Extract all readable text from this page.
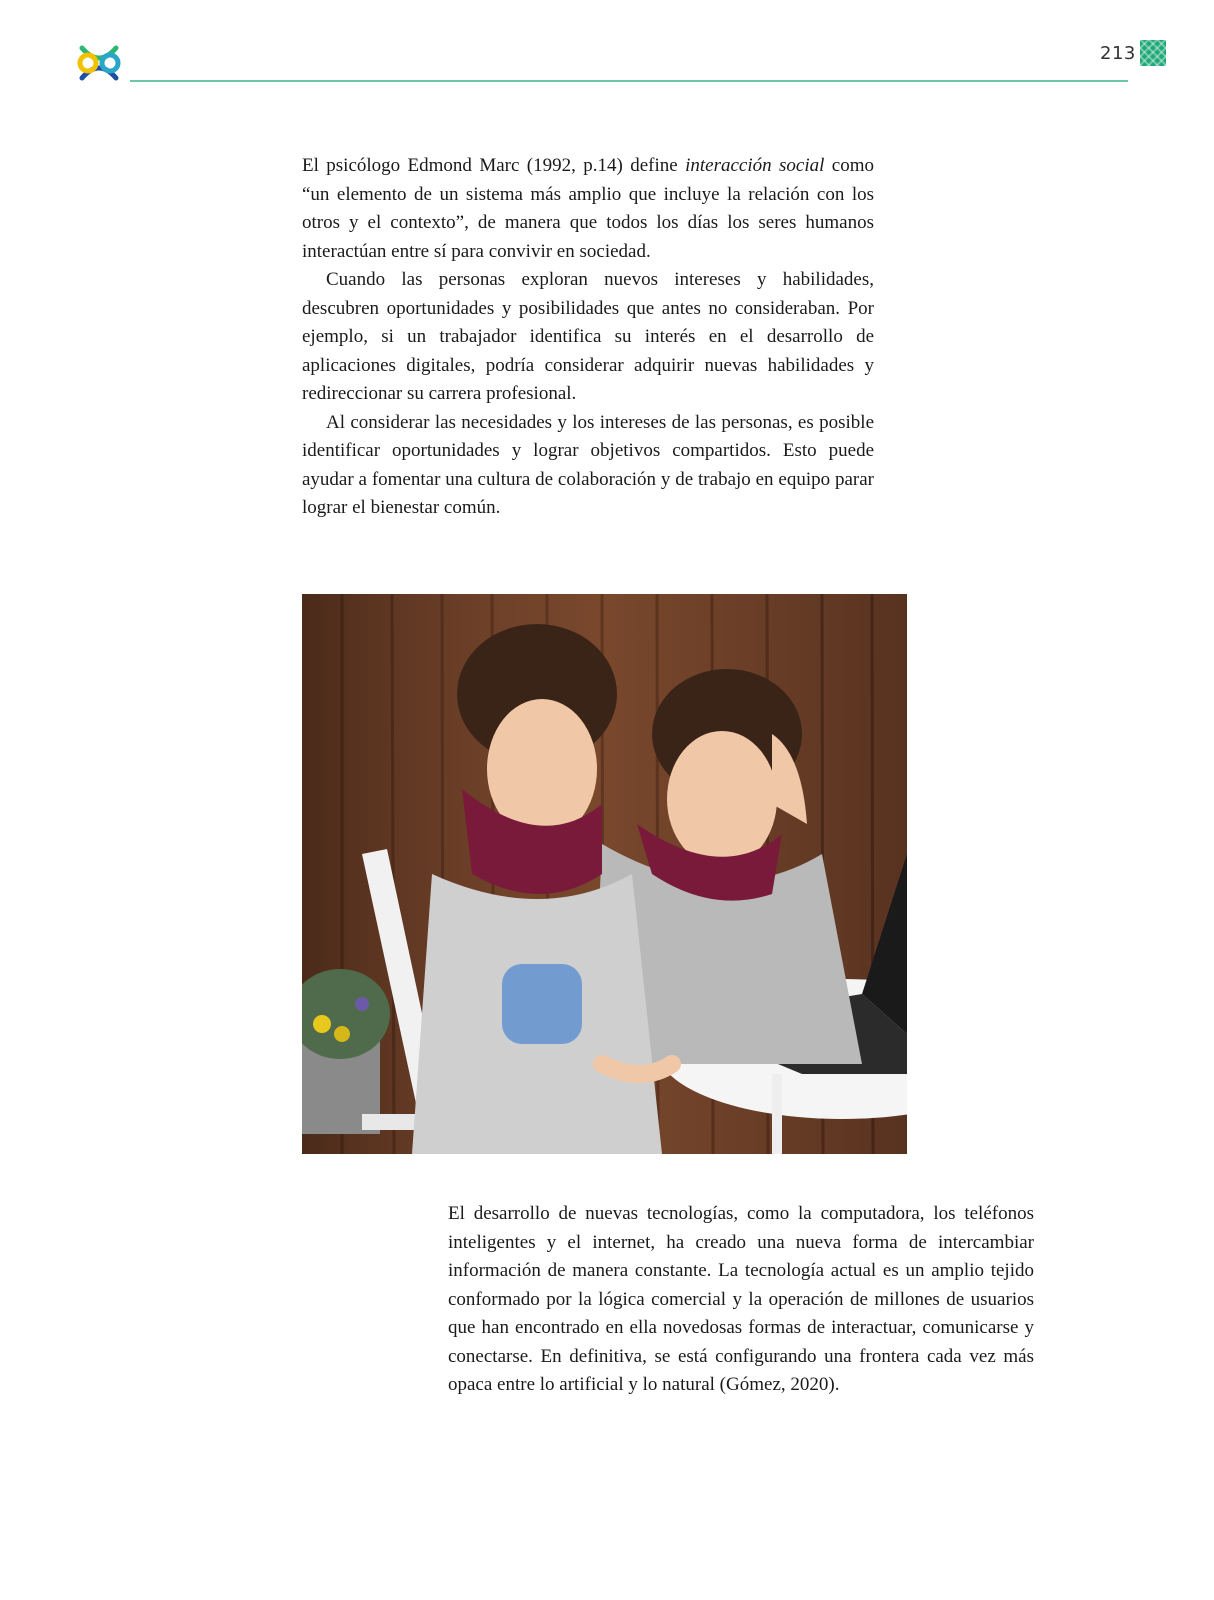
213

El psicólogo Edmond Marc (1992, p.14) define interacción social como “un elemento de un sistema más amplio que incluye la relación con los otros y el contexto”, de manera que todos los días los seres humanos interactúan entre sí para convivir en sociedad.

Cuando las personas exploran nuevos intereses y habilidades, descubren oportunidades y posibilidades que antes no consideraban. Por ejemplo, si un trabajador identifica su interés en el desarrollo de aplicaciones digitales, podría considerar adquirir nuevas habilidades y redireccionar su carrera profesional.

Al considerar las necesidades y los intereses de las personas, es posible identificar oportunidades y lograr objetivos compartidos. Esto puede ayudar a fomentar una cultura de colaboración y de trabajo en equipo parar lograr el bienestar común.

El desarrollo de nuevas tecnologías, como la computadora, los teléfonos inteligentes y el internet, ha creado una nueva forma de intercambiar información de manera constante. La tecnología actual es un amplio tejido conformado por la lógica comercial y la operación de millones de usuarios que han encontrado en ella novedosas formas de interactuar, comunicarse y conectarse. En definitiva, se está configurando una frontera cada vez más opaca entre lo artificial y lo natural (Gómez, 2020).
